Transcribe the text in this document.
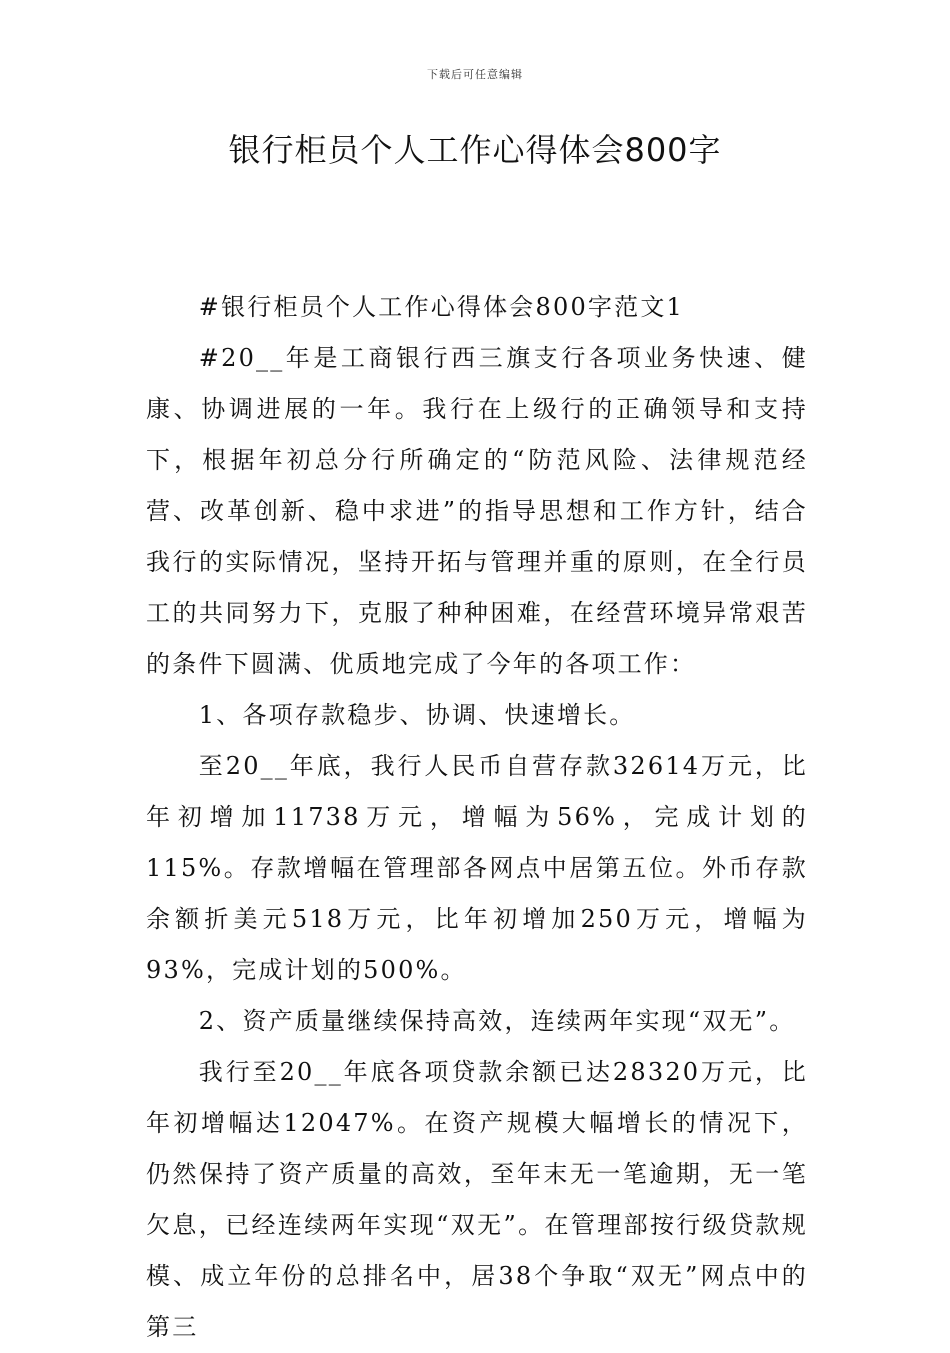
下载后可任意编辑
银行柜员个人工作心得体会800字

#银行柜员个人工作心得体会800字范文1

#20__年是工商银行西三旗支行各项业务快速、健康、协调进展的一年。我行在上级行的正确领导和支持下，根据年初总分行所确定的“防范风险、法律规范经营、改革创新、稳中求进”的指导思想和工作方针，结合我行的实际情况，坚持开拓与管理并重的原则，在全行员工的共同努力下，克服了种种困难，在经营环境异常艰苦的条件下圆满、优质地完成了今年的各项工作：

1、各项存款稳步、协调、快速增长。

至20__年底，我行人民币自营存款32614万元，比年初增加11738万元，增幅为56%，完成计划的115%。存款增幅在管理部各网点中居第五位。外币存款余额折美元518万元，比年初增加250万元，增幅为93%，完成计划的500%。

2、资产质量继续保持高效，连续两年实现“双无”。

我行至20__年底各项贷款余额已达28320万元，比年初增幅达12047%。在资产规模大幅增长的情况下，仍然保持了资产质量的高效，至年末无一笔逾期，无一笔欠息，已经连续两年实现“双无”。在管理部按行级贷款规模、成立年份的总排名中，居38个争取“双无”网点中的第三
